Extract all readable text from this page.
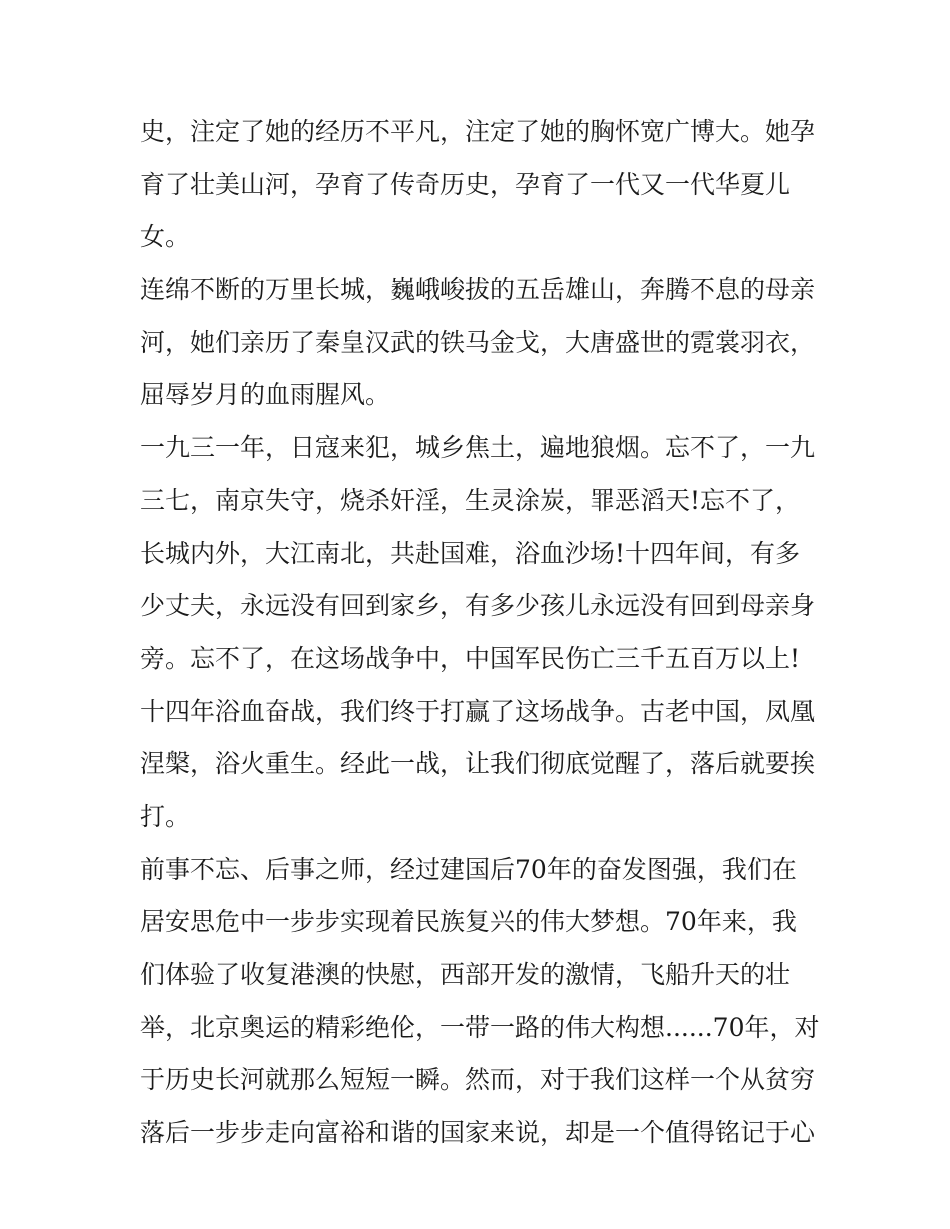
史，注定了她的经历不平凡，注定了她的胸怀宽广博大。她孕
育了壮美山河，孕育了传奇历史，孕育了一代又一代华夏儿
女。
连绵不断的万里长城，巍峨峻拔的五岳雄山，奔腾不息的母亲
河，她们亲历了秦皇汉武的铁马金戈，大唐盛世的霓裳羽衣，
屈辱岁月的血雨腥风。
一九三一年，日寇来犯，城乡焦土，遍地狼烟。忘不了，一九
三七，南京失守，烧杀奸淫，生灵涂炭，罪恶滔天!忘不了，
长城内外，大江南北，共赴国难，浴血沙场!十四年间，有多
少丈夫，永远没有回到家乡，有多少孩儿永远没有回到母亲身
旁。忘不了，在这场战争中，中国军民伤亡三千五百万以上!
十四年浴血奋战，我们终于打赢了这场战争。古老中国，凤凰
涅槃，浴火重生。经此一战，让我们彻底觉醒了，落后就要挨
打。
前事不忘、后事之师，经过建国后70年的奋发图强，我们在
居安思危中一步步实现着民族复兴的伟大梦想。70年来，我
们体验了收复港澳的快慰，西部开发的激情，飞船升天的壮
举，北京奥运的精彩绝伦，一带一路的伟大构想......70年，对
于历史长河就那么短短一瞬。然而，对于我们这样一个从贫穷
落后一步步走向富裕和谐的国家来说，却是一个值得铭记于心
